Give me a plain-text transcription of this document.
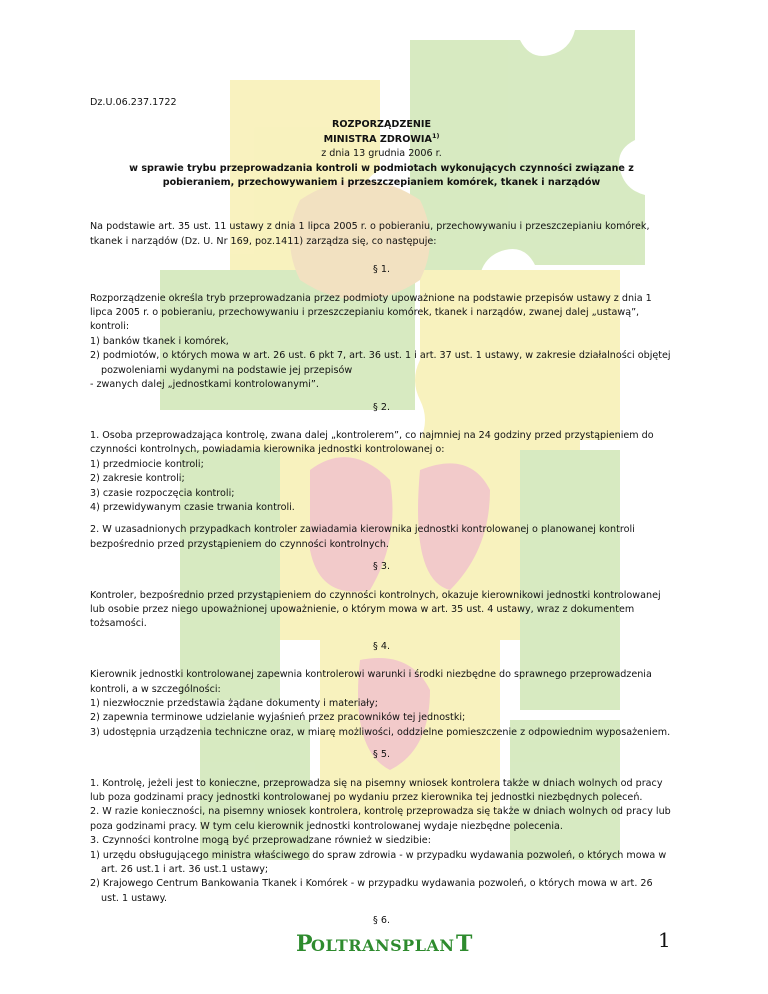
Dz.U.06.237.1722
ROZPORZĄDZENIE
MINISTRA ZDROWIA$^{1)}$
z dnia 13 grudnia 2006 r.
w sprawie trybu przeprowadzania kontroli w podmiotach wykonujących czynności związane z
pobieraniem, przechowywaniem i przeszczepianiem komórek, tkanek i narządów

Na podstawie art. 35 ust. 11 ustawy z dnia 1 lipca 2005 r. o pobieraniu, przechowywaniu i przeszczepianiu komórek, tkanek i narządów (Dz. U. Nr 169, poz.1411) zarządza się, co następuje:

§ 1.

Rozporządzenie określa tryb przeprowadzania przez podmioty upoważnione na podstawie przepisów ustawy z dnia 1 lipca 2005 r. o pobieraniu, przechowywaniu i przeszczepianiu komórek, tkanek i narządów, zwanej dalej „ustawą”, kontroli:

1) banków tkanek i komórek,
2) podmiotów, o których mowa w art. 26 ust. 6 pkt 7, art. 36 ust. 1 i art. 37 ust. 1 ustawy, w zakresie działalności objętej pozwoleniami wydanymi na podstawie jej przepisów

- zwanych dalej „jednostkami kontrolowanymi”.

§ 2.

1. Osoba przeprowadzająca kontrolę, zwana dalej „kontrolerem”, co najmniej na 24 godziny przed przystąpieniem do czynności kontrolnych, powiadamia kierownika jednostki kontrolowanej o:

1) przedmiocie kontroli;
2) zakresie kontroli;
3) czasie rozpoczęcia kontroli;
4) przewidywanym czasie trwania kontroli.

2. W uzasadnionych przypadkach kontroler zawiadamia kierownika jednostki kontrolowanej o planowanej kontroli bezpośrednio przed przystąpieniem do czynności kontrolnych.

§ 3.

Kontroler, bezpośrednio przed przystąpieniem do czynności kontrolnych, okazuje kierownikowi jednostki kontrolowanej lub osobie przez niego upoważnionej upoważnienie, o którym mowa w art. 35 ust. 4 ustawy, wraz z dokumentem tożsamości.

§ 4.

Kierownik jednostki kontrolowanej zapewnia kontrolerowi warunki i środki niezbędne do sprawnego przeprowadzenia kontroli, a w szczególności:

1) niezwłocznie przedstawia żądane dokumenty i materiały;
2) zapewnia terminowe udzielanie wyjaśnień przez pracowników tej jednostki;
3) udostępnia urządzenia techniczne oraz, w miarę możliwości, oddzielne pomieszczenie z odpowiednim wyposażeniem.
§ 5.

1. Kontrolę, jeżeli jest to konieczne, przeprowadza się na pisemny wniosek kontrolera także w dniach wolnych od pracy lub poza godzinami pracy jednostki kontrolowanej po wydaniu przez kierownika tej jednostki niezbędnych poleceń.

2. W razie konieczności, na pisemny wniosek kontrolera, kontrolę przeprowadza się także w dniach wolnych od pracy lub poza godzinami pracy. W tym celu kierownik jednostki kontrolowanej wydaje niezbędne polecenia.

3. Czynności kontrolne mogą być przeprowadzane również w siedzibie:

1) urzędu obsługującego ministra właściwego do spraw zdrowia - w przypadku wydawania pozwoleń, o których mowa w art. 26 ust.1 i art. 36 ust.1 ustawy;
2) Krajowego Centrum Bankowania Tkanek i Komórek - w przypadku wydawania pozwoleń, o których mowa w art. 26 ust. 1 ustawy.
§ 6.
P
OLTRANSPLAN T	1
